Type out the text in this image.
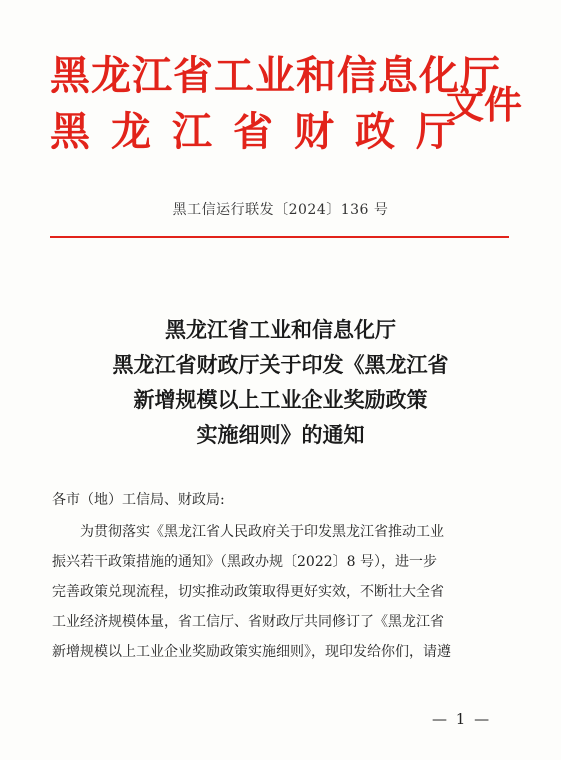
黑龙江省工业和信息化厅
黑龙江省财政厅
文件
黑工信运行联发〔2024〕136 号
黑龙江省工业和信息化厅
黑龙江省财政厅关于印发《黑龙江省
新增规模以上工业企业奖励政策
实施细则》的通知
各市（地）工信局、财政局:
为贯彻落实《黑龙江省人民政府关于印发黑龙江省推动工业
振兴若干政策措施的通知》（黑政办规〔2022〕8 号），进一步
完善政策兑现流程，切实推动政策取得更好实效，不断壮大全省
工业经济规模体量，省工信厅、省财政厅共同修订了《黑龙江省
新增规模以上工业企业奖励政策实施细则》，现印发给你们，请遵
— 1 —
